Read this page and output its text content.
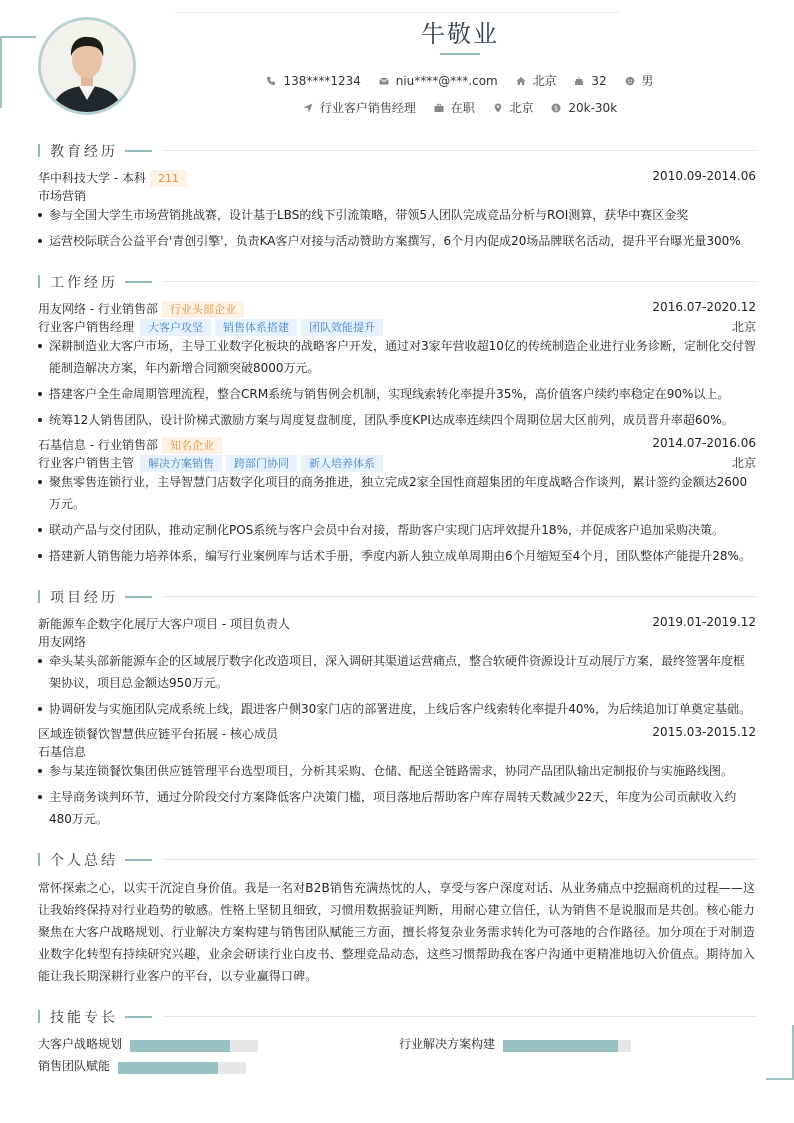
牛敬业
138****1234	niu****@***.com	北京	32	男
行业客户销售经理	在职	北京	$ 20k-30k
教育经历
华中科技大学 - 本科 211	2010.09-2014.06
市场营销
参与全国大学生市场营销挑战赛，设计基于LBS的线下引流策略，带领5人团队完成竞品分析与ROI测算，获华中赛区金奖
运营校际联合公益平台'青创引擎'，负责KA客户对接与活动赞助方案撰写，6个月内促成20场品牌联名活动，提升平台曝光量300%
工作经历
用友网络 - 行业销售部 行业头部企业	2016.07-2020.12
行业客户销售经理 大客户攻坚 销售体系搭建 团队效能提升	北京
深耕制造业大客户市场，主导工业数字化板块的战略客户开发，通过对3家年营收超10亿的传统制造企业进行业务诊断，定制化交付智能制造解决方案，年内新增合同额突破8000万元。
搭建客户全生命周期管理流程，整合CRM系统与销售例会机制，实现线索转化率提升35%，高价值客户续约率稳定在90%以上。
统筹12人销售团队，设计阶梯式激励方案与周度复盘制度，团队季度KPI达成率连续四个周期位居大区前列，成员晋升率超60%。
石基信息 - 行业销售部 知名企业	2014.07-2016.06
行业客户销售主管 解决方案销售 跨部门协同 新人培养体系	北京
聚焦零售连锁行业，主导智慧门店数字化项目的商务推进，独立完成2家全国性商超集团的年度战略合作谈判，累计签约金额达2600万元。
联动产品与交付团队，推动定制化POS系统与客户会员中台对接，帮助客户实现门店坪效提升18%，并促成客户追加采购决策。
搭建新人销售能力培养体系，编写行业案例库与话术手册，季度内新人独立成单周期由6个月缩短至4个月，团队整体产能提升28%。
项目经历
新能源车企数字化展厅大客户项目 - 项目负责人	2019.01-2019.12
用友网络
牵头某头部新能源车企的区域展厅数字化改造项目，深入调研其渠道运营痛点，整合软硬件资源设计互动展厅方案，最终签署年度框架协议，项目总金额达950万元。
协调研发与实施团队完成系统上线，跟进客户侧30家门店的部署进度，上线后客户线索转化率提升40%，为后续追加订单奠定基础。
区域连锁餐饮智慧供应链平台拓展 - 核心成员	2015.03-2015.12
石基信息
参与某连锁餐饮集团供应链管理平台选型项目，分析其采购、仓储、配送全链路需求，协同产品团队输出定制报价与实施路线图。
主导商务谈判环节，通过分阶段交付方案降低客户决策门槛，项目落地后帮助客户库存周转天数减少22天，年度为公司贡献收入约480万元。
个人总结
常怀探索之心，以实干沉淀自身价值。我是一名对B2B销售充满热忱的人，享受与客户深度对话、从业务痛点中挖掘商机的过程——这让我始终保持对行业趋势的敏感。性格上坚韧且细致，习惯用数据验证判断，用耐心建立信任，认为销售不是说服而是共创。核心能力聚焦在大客户战略规划、行业解决方案构建与销售团队赋能三方面，擅长将复杂业务需求转化为可落地的合作路径。加分项在于对制造业数字化转型有持续研究兴趣，业余会研读行业白皮书、整理竞品动态，这些习惯帮助我在客户沟通中更精准地切入价值点。期待加入能让我长期深耕行业客户的平台，以专业赢得口碑。
技能专长
大客户战略规划	行业解决方案构建
销售团队赋能
